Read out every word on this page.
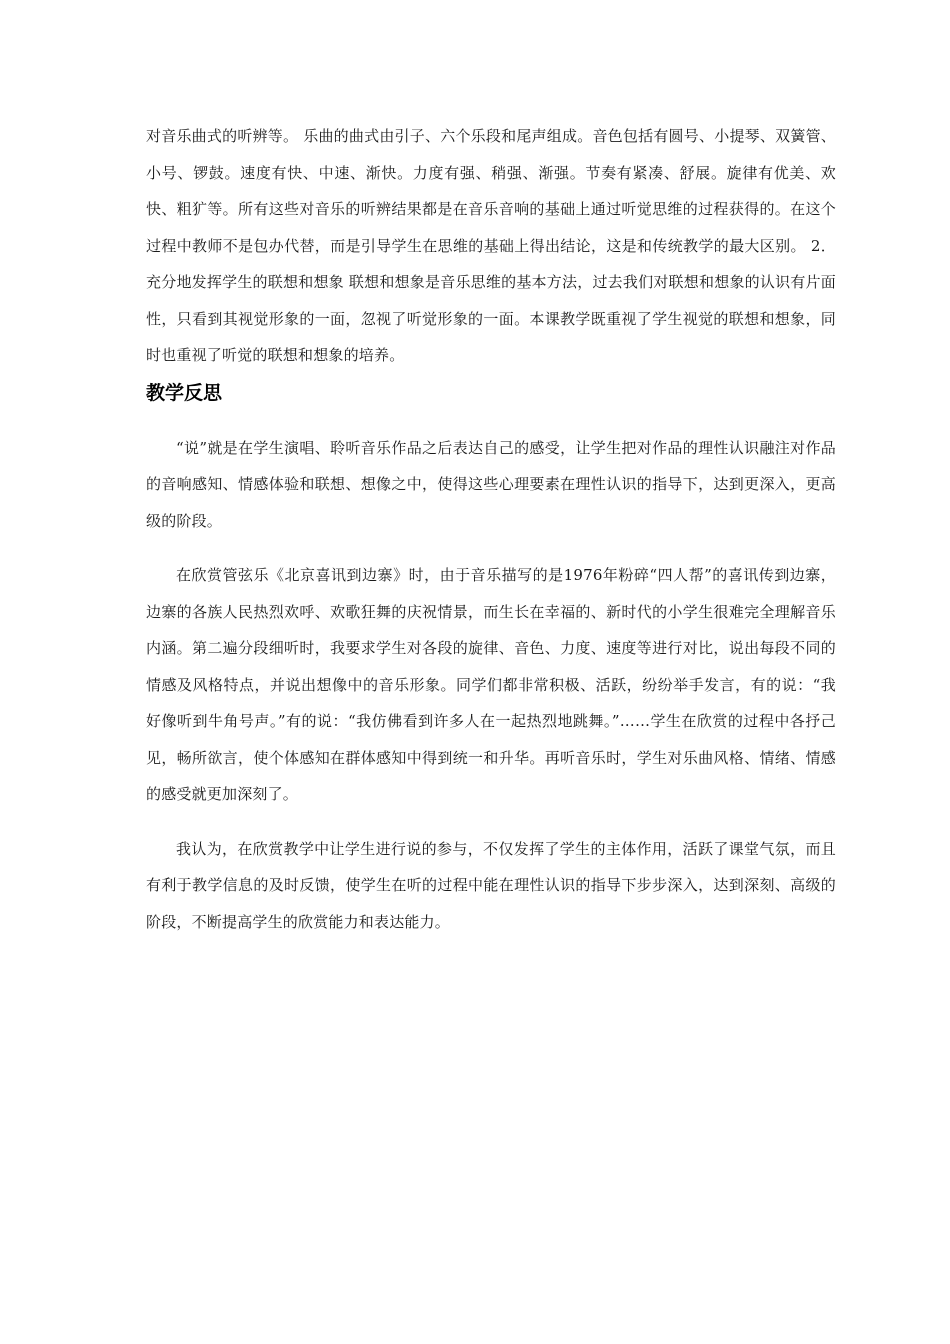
对音乐曲式的听辨等。 乐曲的曲式由引子、六个乐段和尾声组成。音色包括有圆号、小提琴、双簧管、小号、锣鼓。速度有快、中速、渐快。力度有强、稍强、渐强。节奏有紧凑、舒展。旋律有优美、欢快、粗犷等。所有这些对音乐的听辨结果都是在音乐音响的基础上通过听觉思维的过程获得的。在这个过程中教师不是包办代替，而是引导学生在思维的基础上得出结论，这是和传统教学的最大区别。 2．充分地发挥学生的联想和想象 联想和想象是音乐思维的基本方法，过去我们对联想和想象的认识有片面性，只看到其视觉形象的一面，忽视了听觉形象的一面。本课教学既重视了学生视觉的联想和想象，同时也重视了听觉的联想和想象的培养。

教学反思

“说”就是在学生演唱、聆听音乐作品之后表达自己的感受，让学生把对作品的理性认识融注对作品的音响感知、情感体验和联想、想像之中，使得这些心理要素在理性认识的指导下，达到更深入，更高级的阶段。

在欣赏管弦乐《北京喜讯到边寨》时，由于音乐描写的是1976年粉碎“四人帮”的喜讯传到边寨，边寨的各族人民热烈欢呼、欢歌狂舞的庆祝情景，而生长在幸福的、新时代的小学生很难完全理解音乐内涵。第二遍分段细听时，我要求学生对各段的旋律、音色、力度、速度等进行对比，说出每段不同的情感及风格特点，并说出想像中的音乐形象。同学们都非常积极、活跃，纷纷举手发言，有的说：“我好像听到牛角号声。”有的说：“我仿佛看到许多人在一起热烈地跳舞。”……学生在欣赏的过程中各抒己见，畅所欲言，使个体感知在群体感知中得到统一和升华。再听音乐时，学生对乐曲风格、情绪、情感的感受就更加深刻了。

我认为，在欣赏教学中让学生进行说的参与，不仅发挥了学生的主体作用，活跃了课堂气氛，而且有利于教学信息的及时反馈，使学生在听的过程中能在理性认识的指导下步步深入，达到深刻、高级的阶段，不断提高学生的欣赏能力和表达能力。
